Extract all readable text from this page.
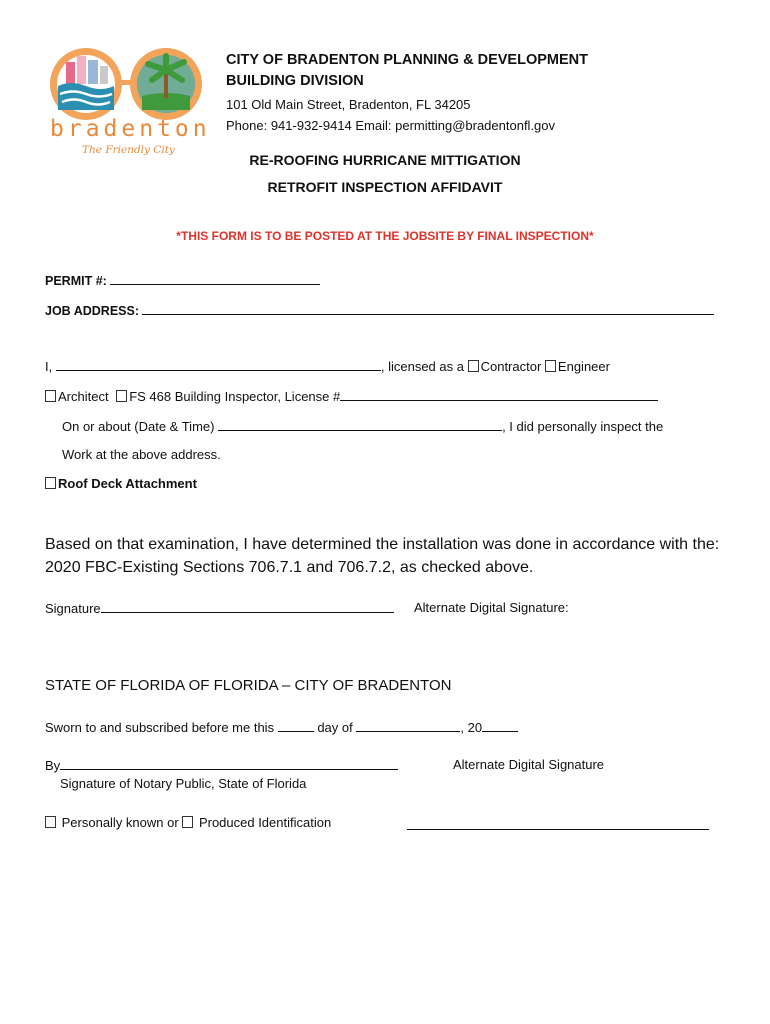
bradenton
The Friendly City
CITY OF BRADENTON PLANNING & DEVELOPMENT
BUILDING DIVISION
101 Old Main Street, Bradenton, FL 34205
Phone: 941-932-9414 Email: permitting@bradentonfl.gov
RE-ROOFING HURRICANE MITTIGATION
RETROFIT INSPECTION AFFIDAVIT
*THIS FORM IS TO BE POSTED AT THE JOBSITE BY FINAL INSPECTION*
PERMIT #:
JOB ADDRESS:
I,	, licensed as a Contractor Engineer
Architect FS 468 Building Inspector, License #
On or about (Date & Time)	, I did personally inspect the
Work at the above address.
Roof Deck Attachment
Based on that examination, I have determined the installation was done in accordance with the: 2020 FBC-Existing Sections 706.7.1 and 706.7.2, as checked above.
Signature	Alternate Digital Signature:
STATE OF FLORIDA OF FLORIDA – CITY OF BRADENTON
Sworn to and subscribed before me this	day of	, 20
By	Alternate Digital Signature
Signature of Notary Public, State of Florida
Personally known or Produced Identification
